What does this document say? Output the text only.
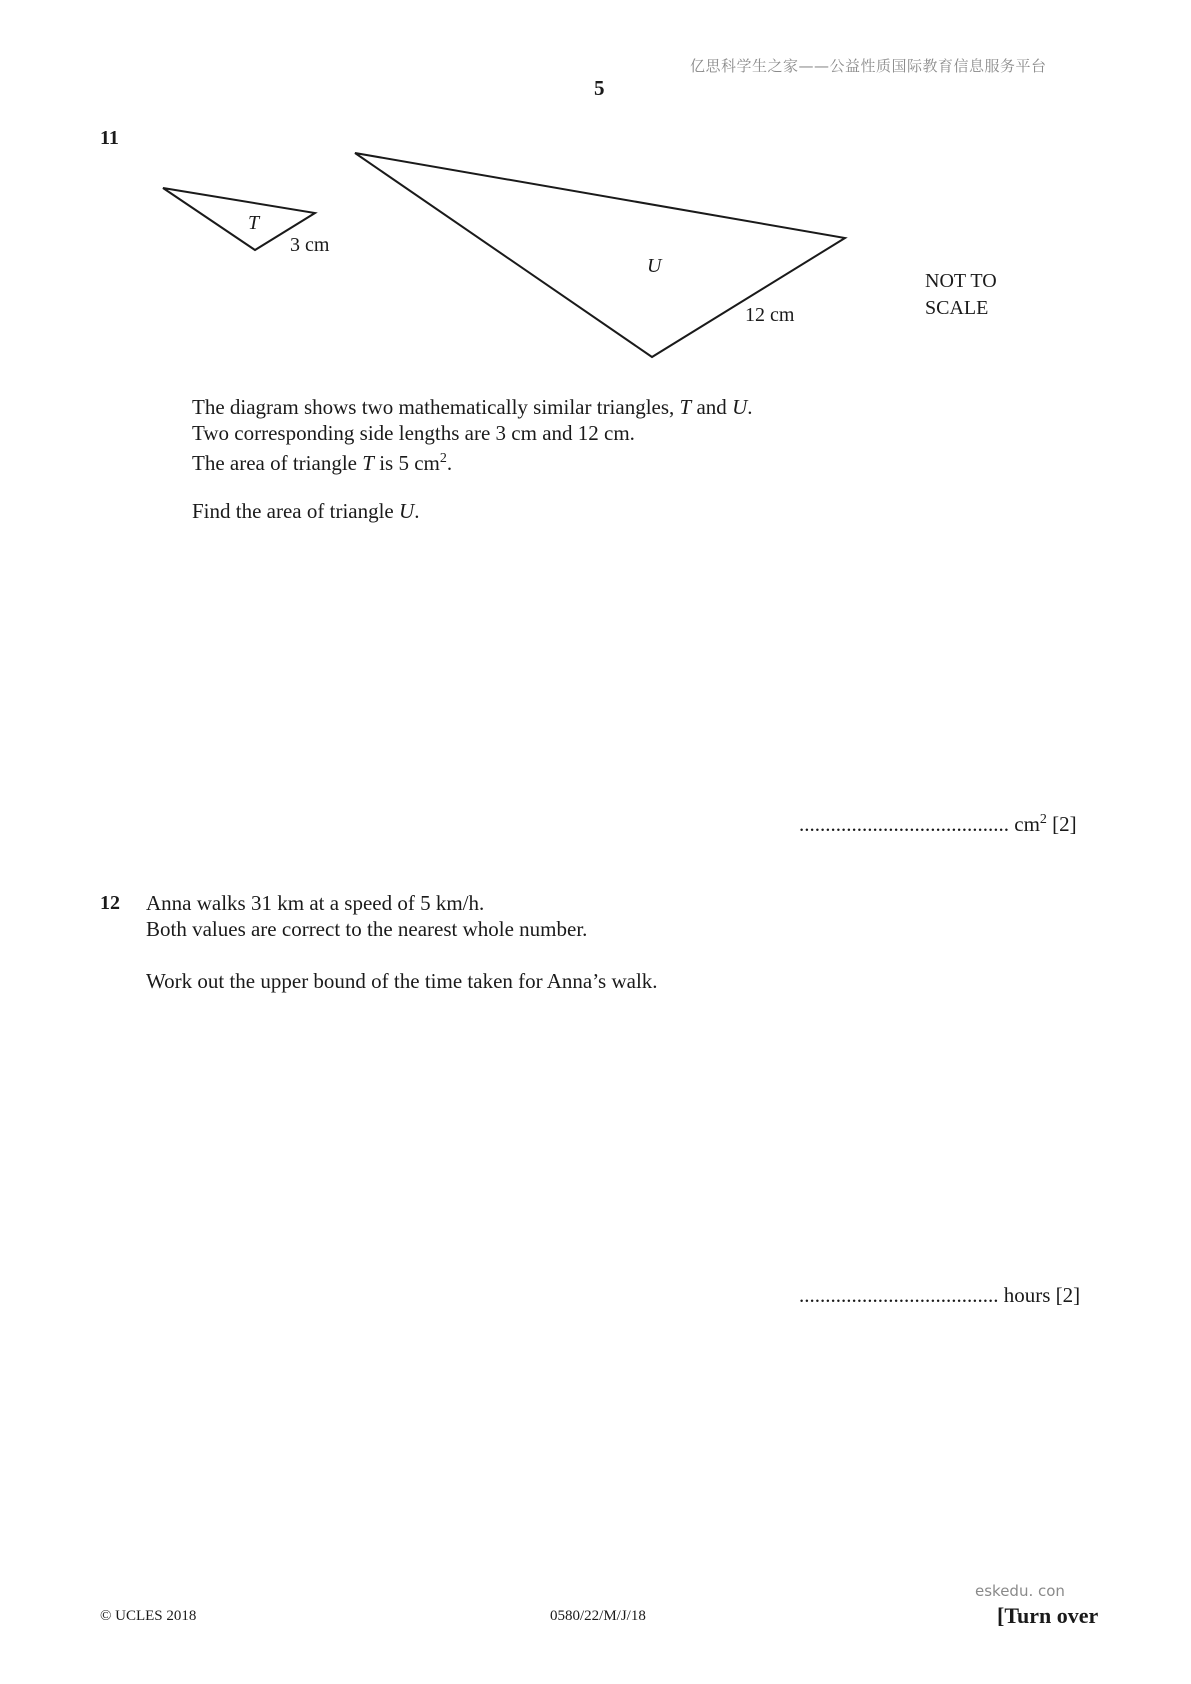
亿思科学生之家——公益性质国际教育信息服务平台
5
11
T
3 cm
U
12 cm
NOT TO
SCALE
The diagram shows two mathematically similar triangles, T and U.
Two corresponding side lengths are 3 cm and 12 cm.
The area of triangle T is 5 $cm^2$.
Find the area of triangle U.
........................................ $cm^2$ [2]
12 Anna walks 31 km at a speed of 5 km/h.
Both values are correct to the nearest whole number.
Work out the upper bound of the time taken for Anna’s walk.
...................................... hours [2]
eskedu. con
© UCLES 2018	0580/22/M/J/18	[Turn over
